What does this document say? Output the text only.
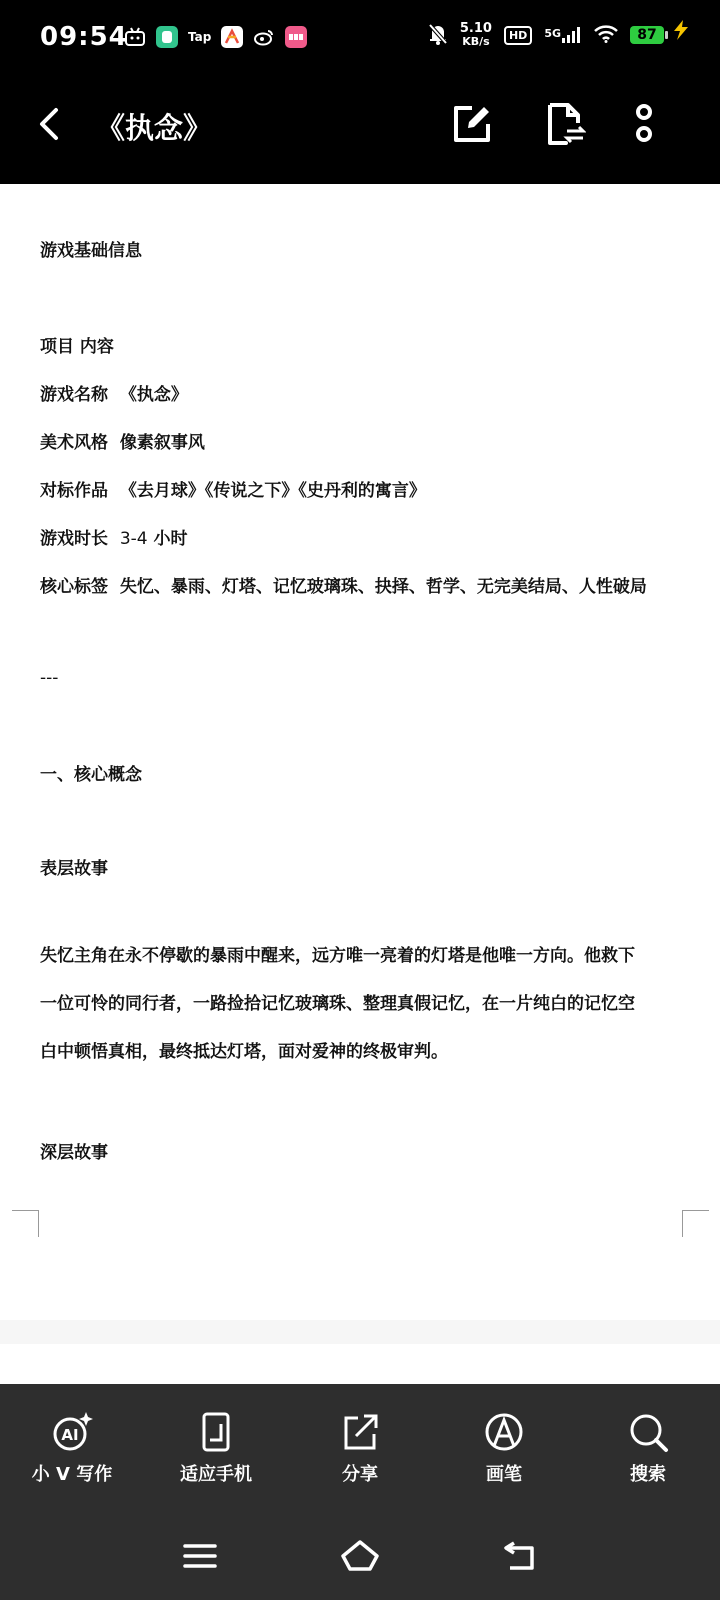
09:54	Tap
5.10
KB/s	HD	5G	87
《执念》
游戏基础信息
项目 内容
游戏名称 《执念》
美术风格 像素叙事风
对标作品 《去月球》《传说之下》《史丹利的寓言》
游戏时长 3-4 小时
核心标签 失忆、暴雨、灯塔、记忆玻璃珠、抉择、哲学、无完美结局、人性破局
---
一、核心概念
表层故事
失忆主角在永不停歇的暴雨中醒来，远方唯一亮着的灯塔是他唯一方向。他救下
一位可怜的同行者，一路捡拾记忆玻璃珠、整理真假记忆，在一片纯白的记忆空
白中顿悟真相，最终抵达灯塔，面对爱神的终极审判。
深层故事
AI
小 V 写作	适应手机	分享	画笔	搜索
